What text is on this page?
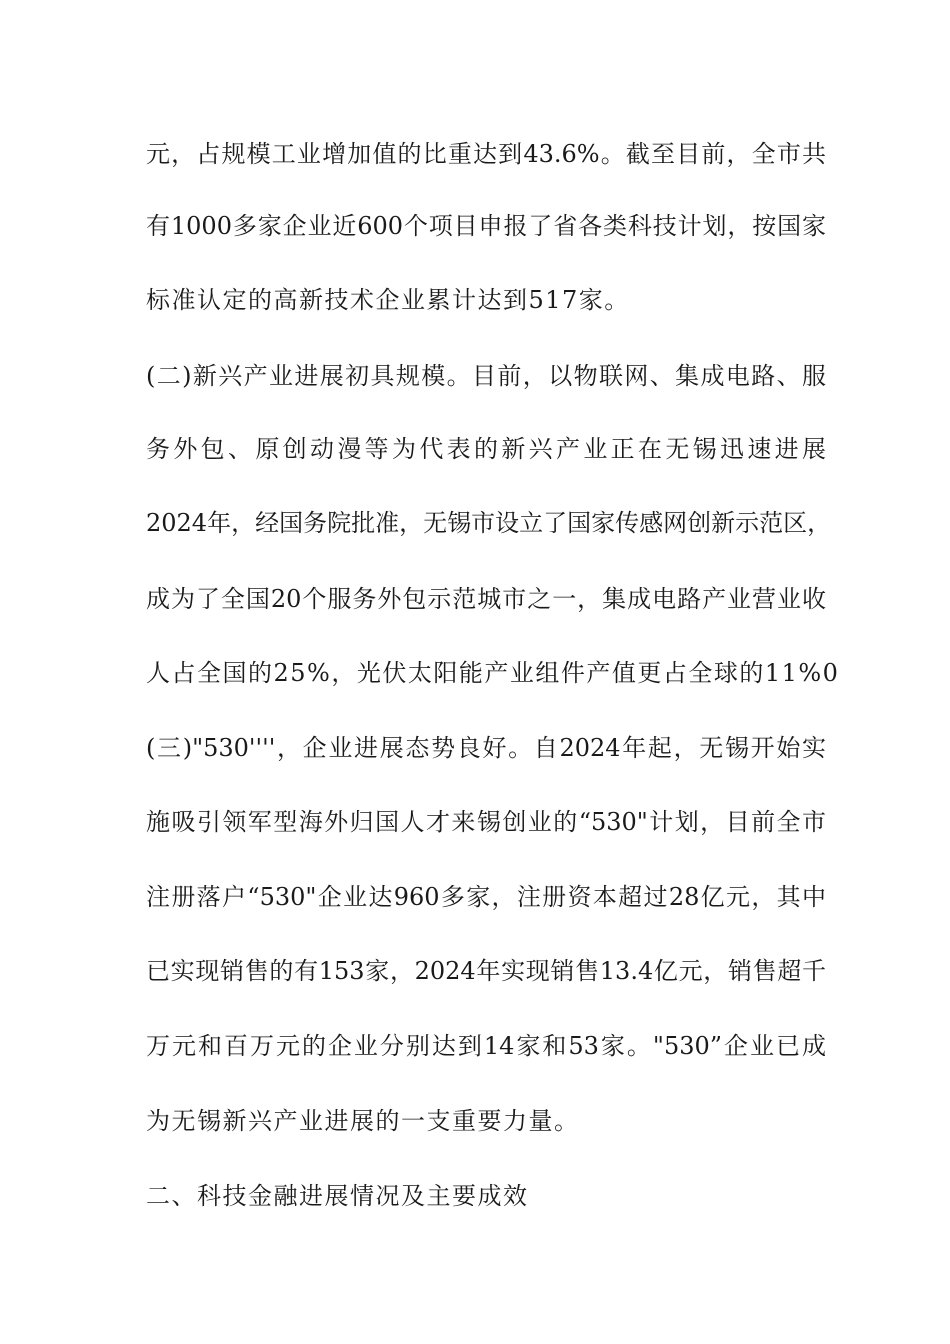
元，占规模工业增加值的比重达到43.6%。截至目前，全市共
有1000多家企业近600个项目申报了省各类科技计划，按国家
标准认定的高新技术企业累计达到517家。
(二)新兴产业进展初具规模。目前，以物联网、集成电路、服
务外包、原创动漫等为代表的新兴产业正在无锡迅速进展
2024年，经国务院批准，无锡市设立了国家传感网创新示范区，
成为了全国20个服务外包示范城市之一，集成电路产业营业收
人占全国的25%，光伏太阳能产业组件产值更占全球的11%0
(三)"530''''，企业进展态势良好。自2024年起，无锡开始实
施吸引领军型海外归国人才来锡创业的“530"计划，目前全市
注册落户“530"企业达960多家，注册资本超过28亿元，其中
已实现销售的有153家，2024年实现销售13.4亿元，销售超千
万元和百万元的企业分别达到14家和53家。"530”企业已成
为无锡新兴产业进展的一支重要力量。
二、科技金融进展情况及主要成效
